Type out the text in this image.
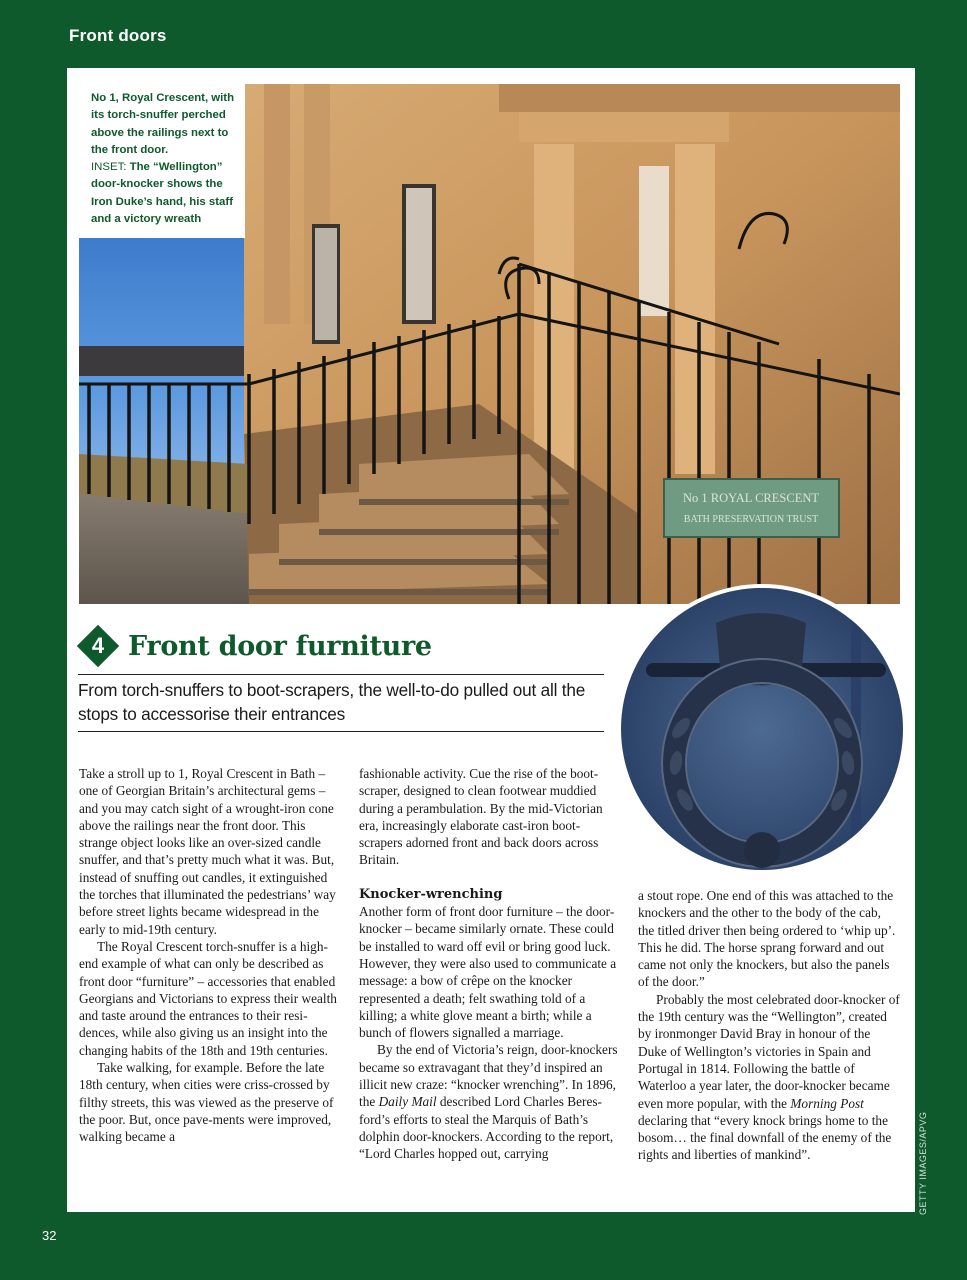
Front doors
No 1 ROYAL CRESCENT
BATH PRESERVATION TRUST
No 1, Royal Crescent, with its torch-snuffer perched above the railings next to the front door.
INSET: The “Wellington” door-knocker shows the Iron Duke’s hand, his staff and a victory wreath
4 Front door furniture
From torch-snuffers to boot-scrapers, the well-to-do pulled out all the stops to accessorise their entrances

Take a stroll up to 1, Royal Crescent in Bath – one of Georgian Britain’s architectural gems – and you may catch sight of a wrought-iron cone above the railings near the front door. This strange object looks like an over-sized candle snuffer, and that’s pretty much what it was. But, instead of snuffing out candles, it extinguished the torches that illuminated the pedestrians’ way before street lights became widespread in the early to mid-19th century.

The Royal Crescent torch-snuffer is a high-end example of what can only be described as front door “furniture” – accessories that enabled Georgians and Victorians to express their wealth and taste around the entrances to their resi-dences, while also giving us an insight into the changing habits of the 18th and 19th centuries.

Take walking, for example. Before the late 18th century, when cities were criss-crossed by filthy streets, this was viewed as the preserve of the poor. But, once pave-ments were improved, walking became a

fashionable activity. Cue the rise of the boot-scraper, designed to clean footwear muddied during a perambulation. By the mid-Victorian era, increasingly elaborate cast-iron boot-scrapers adorned front and back doors across Britain.

Knocker-wrenching

Another form of front door furniture – the door-knocker – became similarly ornate. These could be installed to ward off evil or bring good luck. However, they were also used to communicate a message: a bow of crêpe on the knocker represented a death; felt swathing told of a killing; a white glove meant a birth; while a bunch of flowers signalled a marriage.

By the end of Victoria’s reign, door-knockers became so extravagant that they’d inspired an illicit new craze: “knocker wrenching”. In 1896, the Daily Mail described Lord Charles Beres-ford’s efforts to steal the Marquis of Bath’s dolphin door-knockers. According to the report, “Lord Charles hopped out, carrying

a stout rope. One end of this was attached to the knockers and the other to the body of the cab, the titled driver then being ordered to ‘whip up’. This he did. The horse sprang forward and out came not only the knockers, but also the panels of the door.”

Probably the most celebrated door-knocker of the 19th century was the “Wellington”, created by ironmonger David Bray in honour of the Duke of Wellington’s victories in Spain and Portugal in 1814. Following the battle of Waterloo a year later, the door-knocker became even more popular, with the Morning Post declaring that “every knock brings home to the bosom… the final downfall of the enemy of the rights and liberties of mankind”.	GETTY IMAGES/APVG
32
